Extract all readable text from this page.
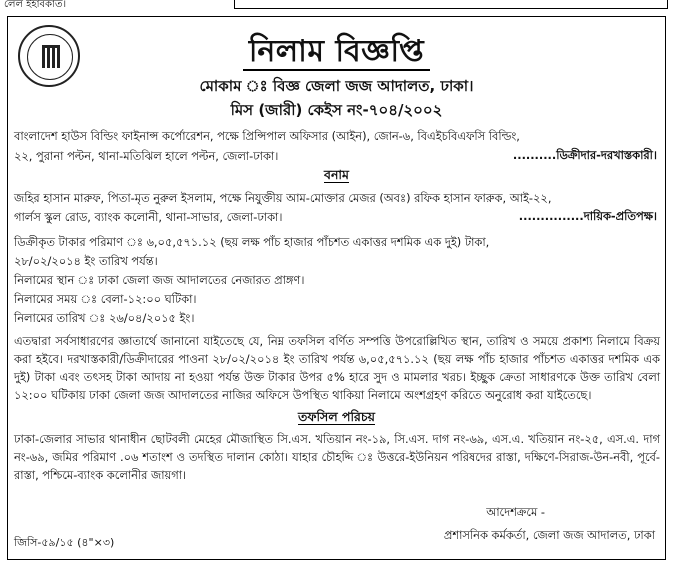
লেল ইহাবকাত।
নিলাম বিজ্ঞপ্তি
মোকাম ঃ বিজ্ঞ জেলা জজ আদালত, ঢাকা।
মিস (জারী) কেইস নং-৭০৪/২০০২
বাংলাদেশ হাউস বিল্ডিং ফাইনান্স কর্পোরেশন, পক্ষে প্রিন্সিপাল অফিসার (আইন), জোন-৬, বিএইচবিএফসি বিল্ডিং,
২২, পুরানা পল্টন, থানা-মতিঝিল হালে পল্টন, জেলা-ঢাকা।	..........ডিক্রীদার-দরখাস্তকারী।
বনাম
জহির হাসান মারুফ, পিতা-মৃত নুরুল ইসলাম, পক্ষে নিযুক্তীয় আম-মোক্তার মেজর (অবঃ) রফিক হাসান ফারুক, আই-২২,
গার্লস স্কুল রোড, ব্যাংক কলোনী, থানা-সাভার, জেলা-ঢাকা।	...............দায়িক-প্রতিপক্ষ।
ডিক্রীকৃত টাকার পরিমাণ ঃ ৬,০৫,৫৭১.১২ (ছয় লক্ষ পাঁচ হাজার পাঁচশত একাত্তর দশমিক এক দুই) টাকা,
২৮/০২/২০১৪ ইং তারিখ পর্যন্ত।
নিলামের স্থান ঃ ঢাকা জেলা জজ আদালতের নেজারত প্রাঙ্গণ।
নিলামের সময় ঃ বেলা-১২:০০ ঘটিকা।
নিলামের তারিখ ঃ ২৬/০৪/২০১৫ ইং।
এতদ্বারা সর্বসাধারণের জ্ঞাতার্থে জানানো যাইতেছে যে, নিম্ন তফসিল বর্ণিত সম্পত্তি উপরোল্লিখিত স্থান, তারিখ ও সময়ে প্রকাশ্য নিলামে বিক্রয় করা হইবে। দরখাস্তকারী/ডিক্রীদারের পাওনা ২৮/০২/২০১৪ ইং তারিখ পর্যন্ত ৬,০৫,৫৭১.১২ (ছয় লক্ষ পাঁচ হাজার পাঁচশত একাত্তর দশমিক এক দুই) টাকা এবং তৎসহ টাকা আদায় না হওয়া পর্যন্ত উক্ত টাকার উপর ৫% হারে সুদ ও মামলার খরচ। ইচ্ছুক ক্রেতা সাধারণকে উক্ত তারিখ বেলা ১২:০০ ঘটিকায় ঢাকা জেলা জজ আদালতের নাজির অফিসে উপস্থিত থাকিয়া নিলামে অংশগ্রহণ করিতে অনুরোধ করা যাইতেছে।
তফসিল পরিচয়
ঢাকা-জেলার সাভার থানাধীন ছোটবলী মেহের মৌজাস্থিত সি.এস. খতিয়ান নং-১৯, সি.এস. দাগ নং-৬৯, এস.এ. খতিয়ান নং-২৫, এস.এ. দাগ নং-৬৯, জমির পরিমাণ .০৬ শতাংশ ও তদস্থিত দালান কোঠা। যাহার চৌহদ্দি ঃ উত্তরে-ইউনিয়ন পরিষদের রাস্তা, দক্ষিণে-সিরাজ-উন-নবী, পূর্বে-রাস্তা, পশ্চিমে-ব্যাংক কলোনীর জায়গা।
আদেশক্রমে -
প্রশাসনিক কর্মকর্তা, জেলা জজ আদালত, ঢাকা
জিসি-৫৯/১৫ (৪"×৩)
